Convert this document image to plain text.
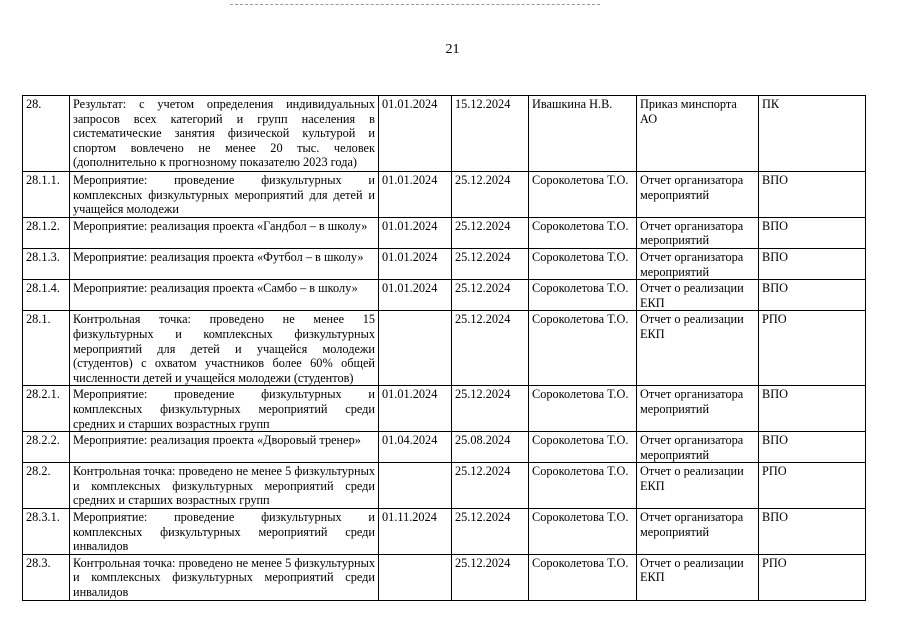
21
28.	Результат: с учетом определения индивидуальных запросов всех категорий и групп населения в систематические занятия физической культурой и спортом вовлечено не менее 20 тыс. человек (дополнительно к прогнозному показателю 2023 года)	01.01.2024	15.12.2024	Ивашкина Н.В.	Приказ минспорта АО	ПК
28.1.1.	Мероприятие: проведение физкультурных и комплексных физкультурных мероприятий для детей и учащейся молодежи	01.01.2024	25.12.2024	Сороколетова Т.О.	Отчет организатора мероприятий	ВПО
28.1.2.	Мероприятие: реализация проекта «Гандбол – в школу»	01.01.2024	25.12.2024	Сороколетова Т.О.	Отчет организатора мероприятий	ВПО
28.1.3.	Мероприятие: реализация проекта «Футбол – в школу»	01.01.2024	25.12.2024	Сороколетова Т.О.	Отчет организатора мероприятий	ВПО
28.1.4.	Мероприятие: реализация проекта «Самбо – в школу»	01.01.2024	25.12.2024	Сороколетова Т.О.	Отчет о реализации ЕКП	ВПО
28.1.	Контрольная точка: проведено не менее 15 физкультурных и комплексных физкультурных мероприятий для детей и учащейся молодежи (студентов) с охватом участников более 60% общей численности детей и учащейся молодежи (студентов)		25.12.2024	Сороколетова Т.О.	Отчет о реализации ЕКП	РПО
28.2.1.	Мероприятие: проведение физкультурных и комплексных физкультурных мероприятий среди средних и старших возрастных групп	01.01.2024	25.12.2024	Сороколетова Т.О.	Отчет организатора мероприятий	ВПО
28.2.2.	Мероприятие: реализация проекта «Дворовый тренер»	01.04.2024	25.08.2024	Сороколетова Т.О.	Отчет организатора мероприятий	ВПО
28.2.	Контрольная точка: проведено не менее 5 физкультурных и комплексных физкультурных мероприятий среди средних и старших возрастных групп		25.12.2024	Сороколетова Т.О.	Отчет о реализации ЕКП	РПО
28.3.1.	Мероприятие: проведение физкультурных и комплексных физкультурных мероприятий среди инвалидов	01.11.2024	25.12.2024	Сороколетова Т.О.	Отчет организатора мероприятий	ВПО
28.3.	Контрольная точка: проведено не менее 5 физкультурных и комплексных физкультурных мероприятий среди инвалидов		25.12.2024	Сороколетова Т.О.	Отчет о реализации ЕКП	РПО
